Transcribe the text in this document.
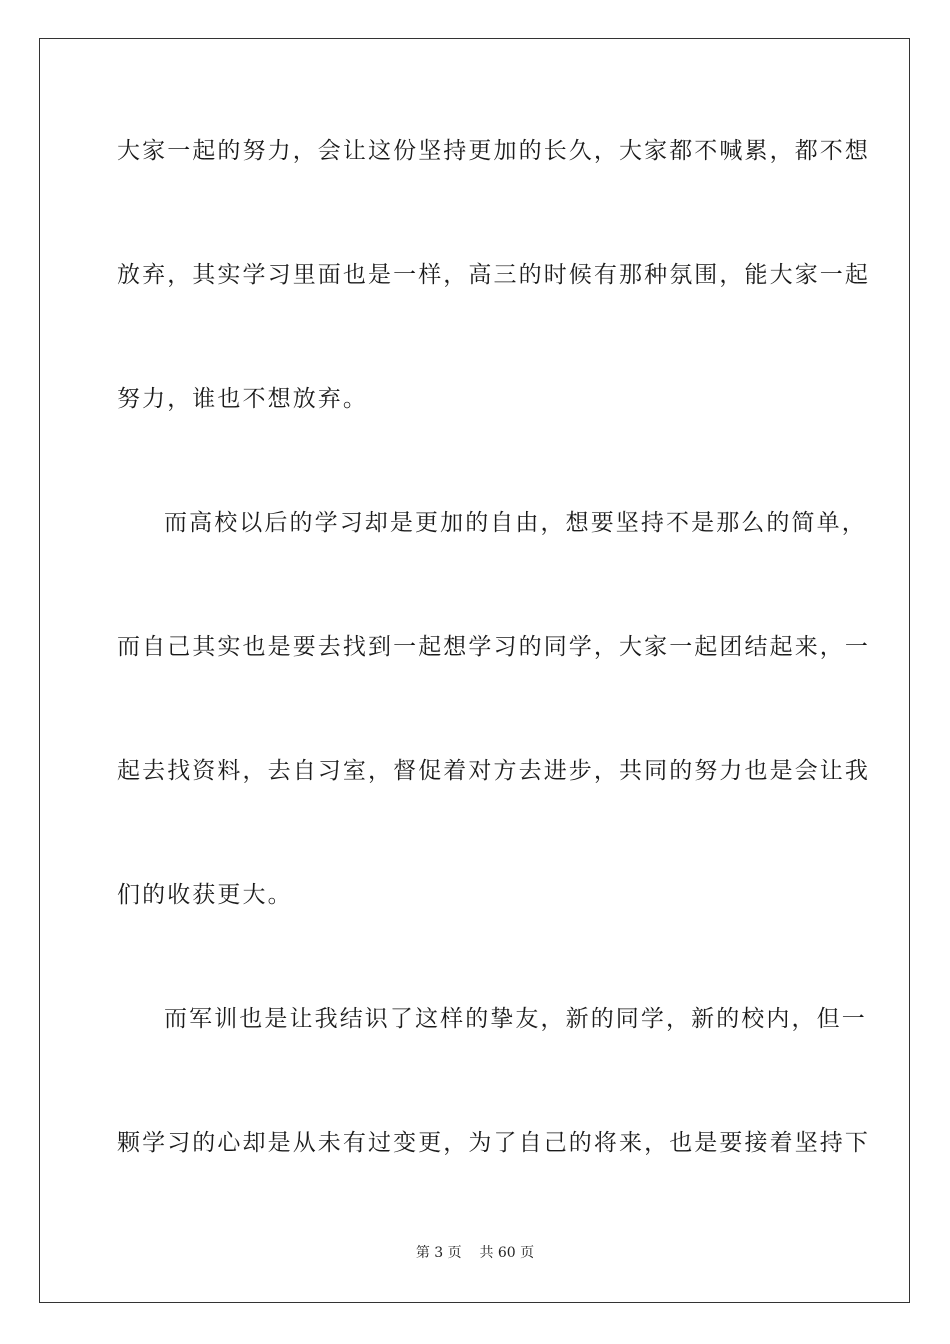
大家一起的努力，会让这份坚持更加的长久，大家都不喊累，都不想
放弃，其实学习里面也是一样，高三的时候有那种氛围，能大家一起
努力，谁也不想放弃。
而高校以后的学习却是更加的自由，想要坚持不是那么的简单，
而自己其实也是要去找到一起想学习的同学，大家一起团结起来，一
起去找资料，去自习室，督促着对方去进步，共同的努力也是会让我
们的收获更大。
而军训也是让我结识了这样的挚友，新的同学，新的校内，但一
颗学习的心却是从未有过变更，为了自己的将来，也是要接着坚持下
第 3 页 共 60 页
